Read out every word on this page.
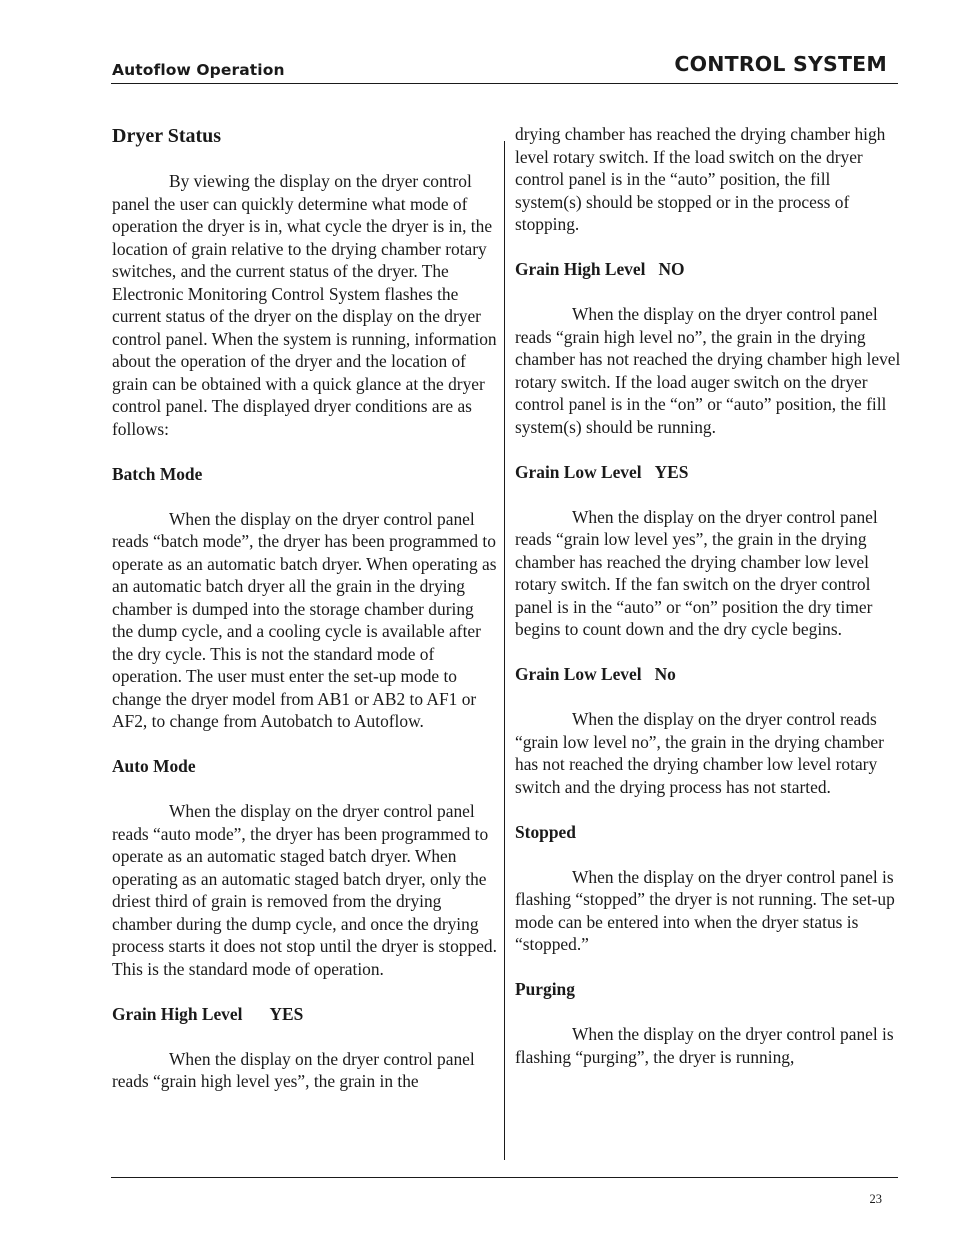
Autoflow Operation	CONTROL SYSTEM
Dryer Status

By viewing the display on the dryer control panel the user can quickly determine what mode of operation the dryer is in, what cycle the dryer is in, the location of grain relative to the drying chamber rotary switches, and the current status of the dryer. The Electronic Monitoring Control System flashes the current status of the dryer on the display on the dryer control panel. When the system is running, information about the operation of the dryer and the location of grain can be obtained with a quick glance at the dryer control panel. The displayed dryer conditions are as follows:

Batch Mode

When the display on the dryer control panel reads “batch mode”, the dryer has been programmed to operate as an automatic batch dryer. When operating as an automatic batch dryer all the grain in the drying chamber is dumped into the storage chamber during the dump cycle, and a cooling cycle is available after the dry cycle. This is not the standard mode of operation. The user must enter the set-up mode to change the dryer model from AB1 or AB2 to AF1 or AF2, to change from Autobatch to Autoflow.

Auto Mode

When the display on the dryer control panel reads “auto mode”, the dryer has been programmed to operate as an automatic staged batch dryer. When operating as an automatic staged batch dryer, only the driest third of grain is removed from the drying chamber during the dump cycle, and once the drying process starts it does not stop until the dryer is stopped. This is the standard mode of operation.

Grain High Level YES

When the display on the dryer control panel reads “grain high level yes”, the grain in the

drying chamber has reached the drying chamber high level rotary switch. If the load switch on the dryer control panel is in the “auto” position, the fill system(s) should be stopped or in the process of stopping.

Grain High Level NO

When the display on the dryer control panel reads “grain high level no”, the grain in the drying chamber has not reached the drying chamber high level rotary switch. If the load auger switch on the dryer control panel is in the “on” or “auto” position, the fill system(s) should be running.

Grain Low Level YES

When the display on the dryer control panel reads “grain low level yes”, the grain in the drying chamber has reached the drying chamber low level rotary switch. If the fan switch on the dryer control panel is in the “auto” or “on” position the dry timer begins to count down and the dry cycle begins.

Grain Low Level No

When the display on the dryer control reads “grain low level no”, the grain in the drying chamber has not reached the drying chamber low level rotary switch and the drying process has not started.

Stopped

When the display on the dryer control panel is flashing “stopped” the dryer is not running. The set-up mode can be entered into when the dryer status is “stopped.”

Purging

When the display on the dryer control panel is flashing “purging”, the dryer is running,

23
